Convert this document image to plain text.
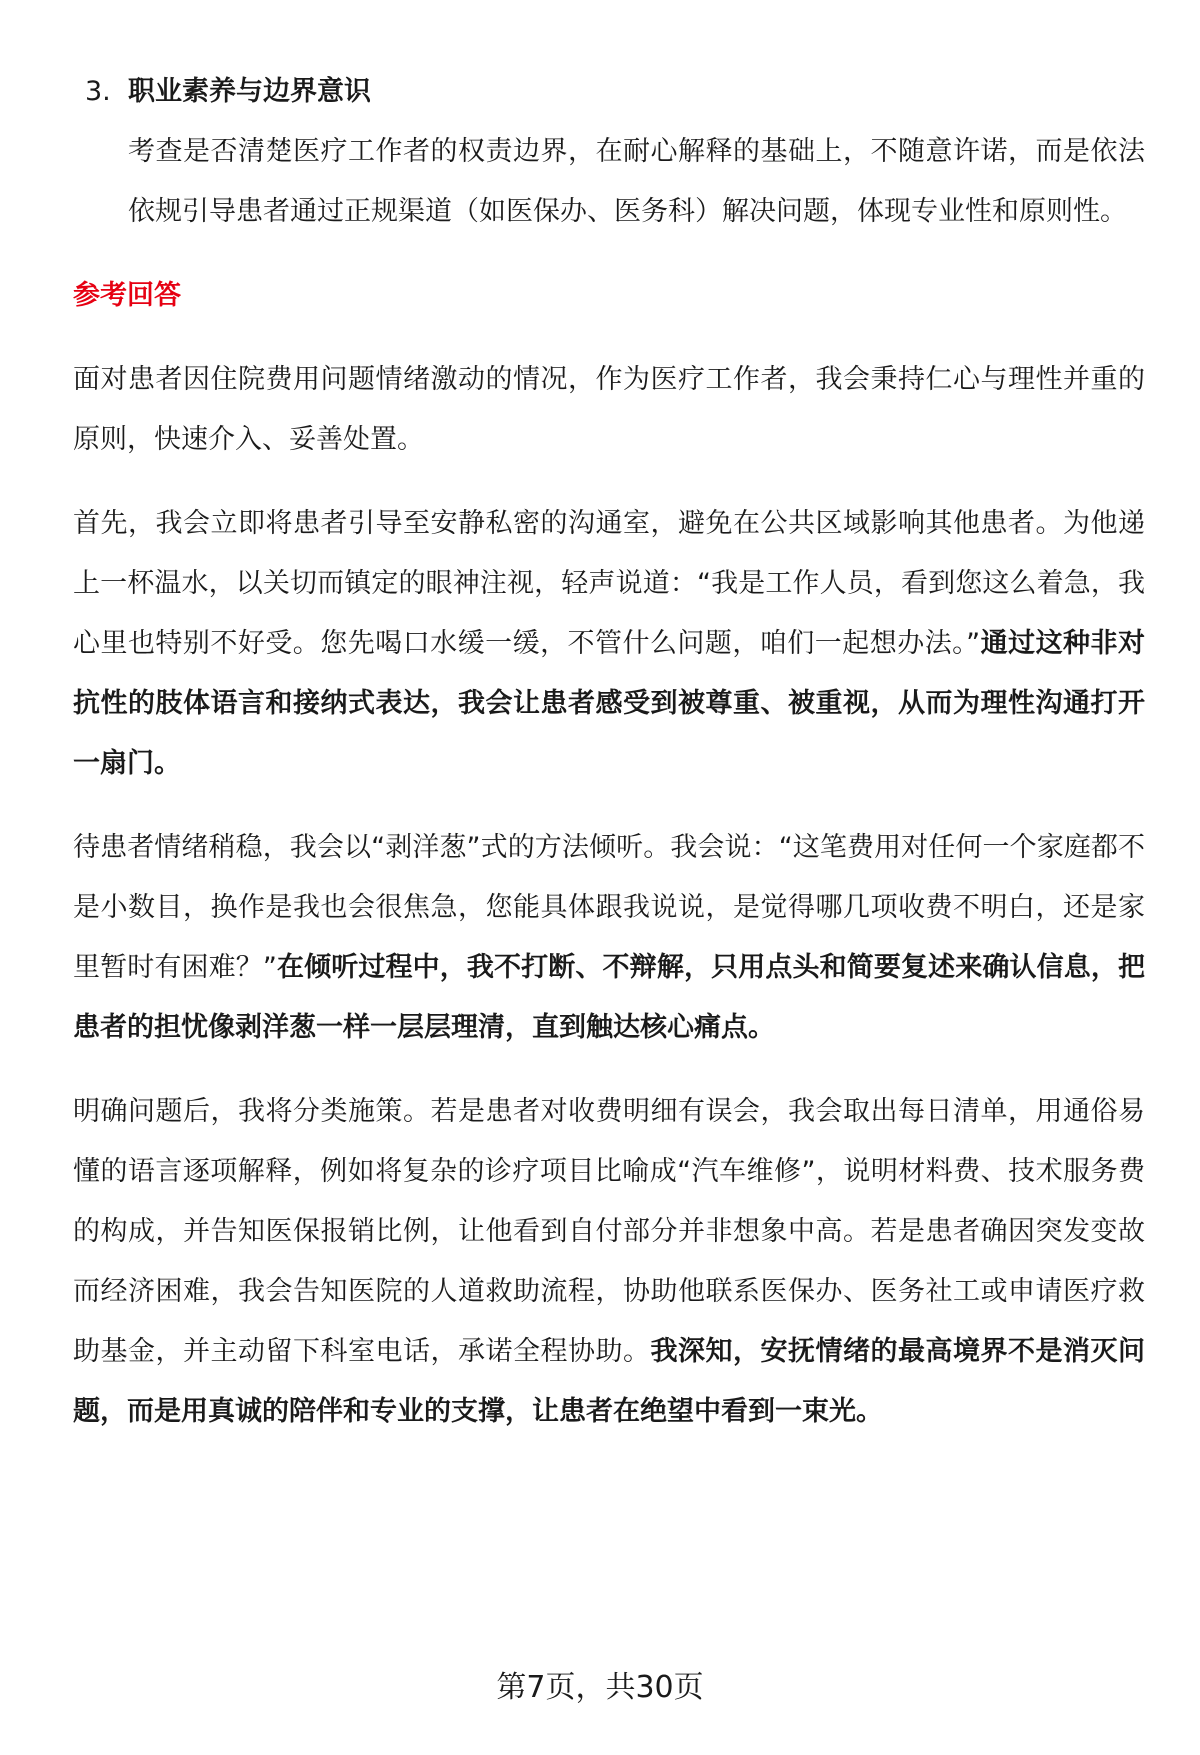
3. 职业素养与边界意识
考查是否清楚医疗工作者的权责边界，在耐心解释的基础上，不随意许诺，而是依法依规引导患者通过正规渠道（如医保办、医务科）解决问题，体现专业性和原则性。
参考回答
面对患者因住院费用问题情绪激动的情况，作为医疗工作者，我会秉持仁心与理性并重的原则，快速介入、妥善处置。
首先，我会立即将患者引导至安静私密的沟通室，避免在公共区域影响其他患者。为他递上一杯温水，以关切而镇定的眼神注视，轻声说道：“我是工作人员，看到您这么着急，我心里也特别不好受。您先喝口水缓一缓，不管什么问题，咱们一起想办法。”通过这种非对抗性的肢体语言和接纳式表达，我会让患者感受到被尊重、被重视，从而为理性沟通打开一扇门。
待患者情绪稍稳，我会以“剥洋葱”式的方法倾听。我会说：“这笔费用对任何一个家庭都不是小数目，换作是我也会很焦急，您能具体跟我说说，是觉得哪几项收费不明白，还是家里暂时有困难？”在倾听过程中，我不打断、不辩解，只用点头和简要复述来确认信息，把患者的担忧像剥洋葱一样一层层理清，直到触达核心痛点。
明确问题后，我将分类施策。若是患者对收费明细有误会，我会取出每日清单，用通俗易懂的语言逐项解释，例如将复杂的诊疗项目比喻成“汽车维修”，说明材料费、技术服务费的构成，并告知医保报销比例，让他看到自付部分并非想象中高。若是患者确因突发变故而经济困难，我会告知医院的人道救助流程，协助他联系医保办、医务社工或申请医疗救助基金，并主动留下科室电话，承诺全程协助。我深知，安抚情绪的最高境界不是消灭问题，而是用真诚的陪伴和专业的支撑，让患者在绝望中看到一束光。
第7页，共30页
